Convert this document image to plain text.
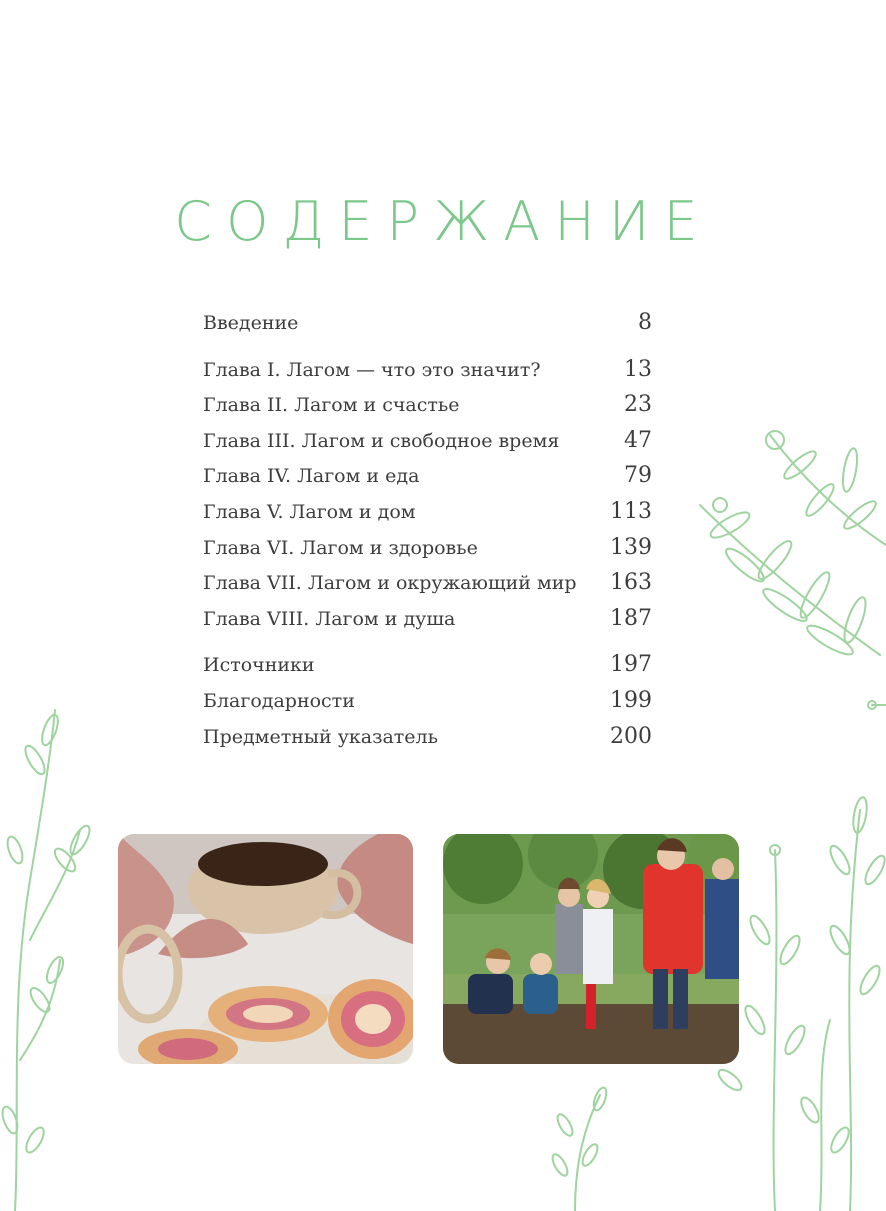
СОДЕРЖАНИЕ
Введение	8
Глава I. Лагом — что это значит?	13
Глава II. Лагом и счастье	23
Глава III. Лагом и свободное время	47
Глава IV. Лагом и еда	79
Глава V. Лагом и дом	113
Глава VI. Лагом и здоровье	139
Глава VII. Лагом и окружающий мир 163
Глава VIII. Лагом и душа	187
Источники	197
Благодарности	199
Предметный указатель	200
